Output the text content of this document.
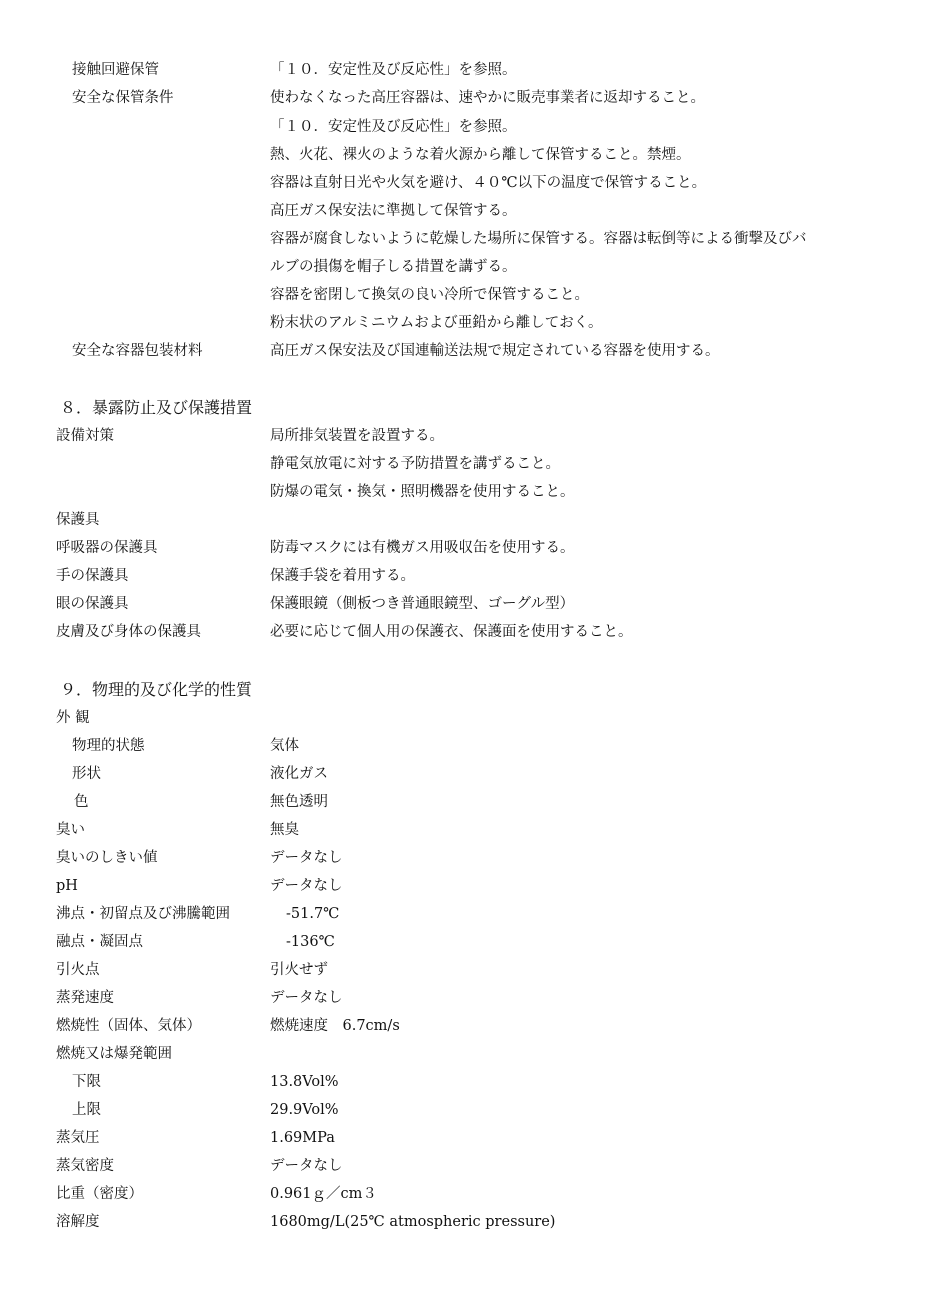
接触回避保管	「１０．安定性及び反応性」を参照。
安全な保管条件	使わなくなった高圧容器は、速やかに販売事業者に返却すること。
「１０．安定性及び反応性」を参照。
熱、火花、裸火のような着火源から離して保管すること。禁煙。
容器は直射日光や火気を避け、４０℃以下の温度で保管すること。
高圧ガス保安法に準拠して保管する。
容器が腐食しないように乾燥した場所に保管する。容器は転倒等による衝撃及びバ
ルブの損傷を帽子しる措置を講ずる。
容器を密閉して換気の良い冷所で保管すること。
粉末状のアルミニウムおよび亜鉛から離しておく。
安全な容器包装材料	高圧ガス保安法及び国連輸送法規で規定されている容器を使用する。
８．暴露防止及び保護措置
設備対策	局所排気装置を設置する。
静電気放電に対する予防措置を講ずること。
防爆の電気・換気・照明機器を使用すること。
保護具
呼吸器の保護具	防毒マスクには有機ガス用吸収缶を使用する。
手の保護具	保護手袋を着用する。
眼の保護具	保護眼鏡（側板つき普通眼鏡型、ゴーグル型）
皮膚及び身体の保護具	必要に応じて個人用の保護衣、保護面を使用すること。
９．物理的及び化学的性質
外 観
物理的状態	気体
形状	液化ガス
色	無色透明
臭い	無臭
臭いのしきい値	データなし
pH	データなし
沸点・初留点及び沸騰範囲	-51.7℃
融点・凝固点	-136℃
引火点	引火せず
蒸発速度	データなし
燃焼性（固体、気体）	燃焼速度　6.7cm/s
燃焼又は爆発範囲
下限	13.8Vol%
上限	29.9Vol%
蒸気圧	1.69MPa
蒸気密度	データなし
比重（密度）	0.961ｇ／cm３
溶解度	1680mg/L(25℃ atmospheric pressure)
